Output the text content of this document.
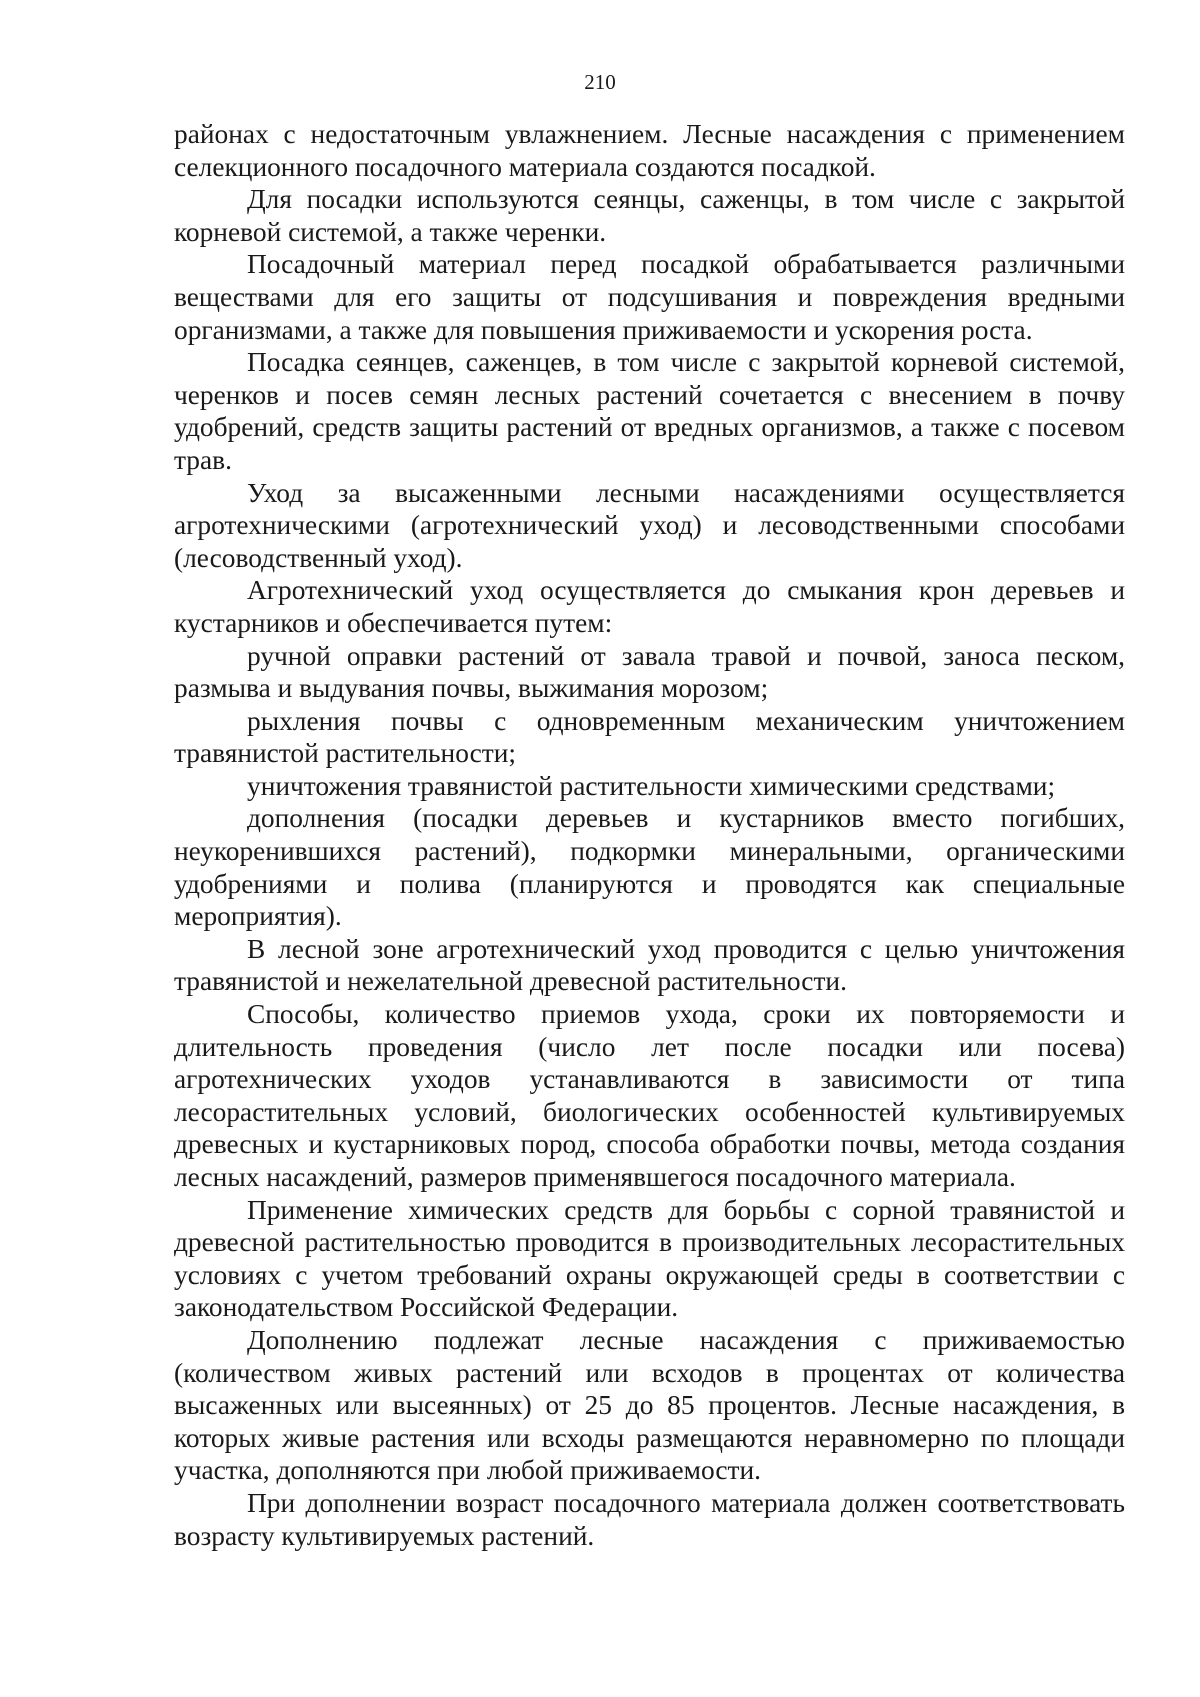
210

районах с недостаточным увлажнением. Лесные насаждения с применением селекционного посадочного материала создаются посадкой.

Для посадки используются сеянцы, саженцы, в том числе с закрытой корневой системой, а также черенки.

Посадочный материал перед посадкой обрабатывается различными веществами для его защиты от подсушивания и повреждения вредными организмами, а также для повышения приживаемости и ускорения роста.

Посадка сеянцев, саженцев, в том числе с закрытой корневой системой, черенков и посев семян лесных растений сочетается с внесением в почву удобрений, средств защиты растений от вредных организмов, а также с посевом трав.

Уход за высаженными лесными насаждениями осуществляется агротехническими (агротехнический уход) и лесоводственными способами (лесоводственный уход).

Агротехнический уход осуществляется до смыкания крон деревьев и кустарников и обеспечивается путем:

ручной оправки растений от завала травой и почвой, заноса песком, размыва и выдувания почвы, выжимания морозом;

рыхления почвы с одновременным механическим уничтожением травянистой растительности;

уничтожения травянистой растительности химическими средствами;

дополнения (посадки деревьев и кустарников вместо погибших, неукоренившихся растений), подкормки минеральными, органическими удобрениями и полива (планируются и проводятся как специальные мероприятия).

В лесной зоне агротехнический уход проводится с целью уничтожения травянистой и нежелательной древесной растительности.

Способы, количество приемов ухода, сроки их повторяемости и длительность проведения (число лет после посадки или посева) агротехнических уходов устанавливаются в зависимости от типа лесорастительных условий, биологических особенностей культивируемых древесных и кустарниковых пород, способа обработки почвы, метода создания лесных насаждений, размеров применявшегося посадочного материала.

Применение химических средств для борьбы с сорной травянистой и древесной растительностью проводится в производительных лесорастительных условиях с учетом требований охраны окружающей среды в соответствии с законодательством Российской Федерации.

Дополнению подлежат лесные насаждения с приживаемостью (количеством живых растений или всходов в процентах от количества высаженных или высеянных) от 25 до 85 процентов. Лесные насаждения, в которых живые растения или всходы размещаются неравномерно по площади участка, дополняются при любой приживаемости.

При дополнении возраст посадочного материала должен соответствовать возрасту культивируемых растений.
